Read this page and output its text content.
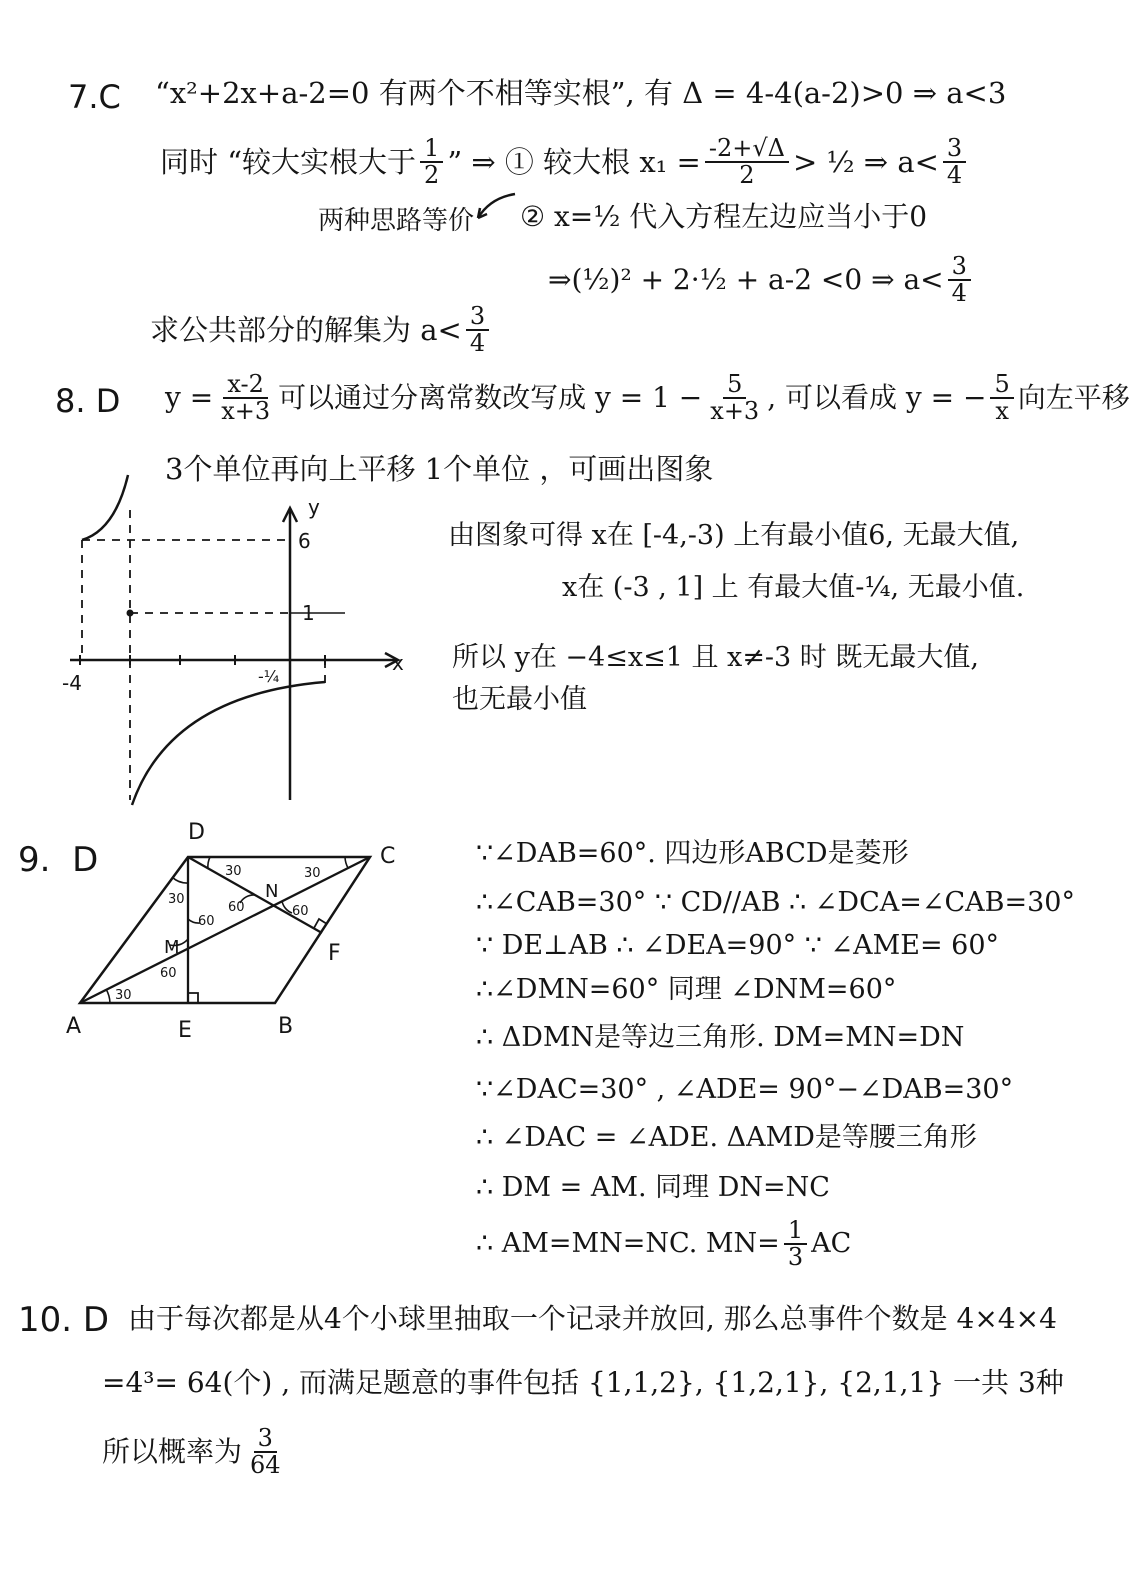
7.C “x²+2x+a-2=0 有两个不相等实根”, 有 Δ = 4-4(a-2)>0 ⇒ a<3
同时 “较大实根大于 $\frac{1}{2}$ ” ⇒ ① 较大根 $x_1 = \frac{-2+√\Delta}{2}$ > ½ ⇒ $a< \frac{3}{4}$
两种思路等价 ② x=½ 代入方程左边应当小于0
⇒(½)² + 2·½ + a-2 <0 ⇒ $a< \frac{3}{4}$
求公共部分的解集为 $a< \frac{3}{4}$
8. D $y = \frac{x-2}{x+3}$ 可以通过分离常数改写成 $y = 1 - \frac{5}{x+3}$ , 可以看成 y = − $\frac{5}{x}$ 向左平移
3个单位再向上平移 1个单位 ，可画出图象
x
y
6
1
-4	-¼
由图象可得 x在 [-4,-3) 上有最小值6, 无最大值,
x在 (-3 , 1] 上 有最大值-¼, 无最小值.
所以 y在 −4≤x≤1 且 x≠-3 时 既无最大值,
也无最小值
9. D
30
30
30	30
60
60
60	60
A	E	B
C
D
F
M
N
∵∠DAB=60°. 四边形ABCD是菱形
∴∠CAB=30° ∵ CD//AB ∴ ∠DCA=∠CAB=30°
∵ DE⊥AB ∴ ∠DEA=90° ∵ ∠AME= 60°
∴∠DMN=60° 同理 ∠DNM=60°
∴ ΔDMN是等边三角形. DM=MN=DN
∵∠DAC=30° , ∠ADE= 90°−∠DAB=30°
∴ ∠DAC = ∠ADE. ΔAMD是等腰三角形
∴ DM = AM. 同理 DN=NC
∴ AM=MN=NC. $MN= \frac{1}{3}$ AC
10. D 由于每次都是从4个小球里抽取一个记录并放回, 那么总事件个数是 4×4×4
=4³= 64(个) , 而满足题意的事件包括 {1,1,2}, {1,2,1}, {2,1,1} 一共 3种
所以概率为 $\frac{3}{64}$
